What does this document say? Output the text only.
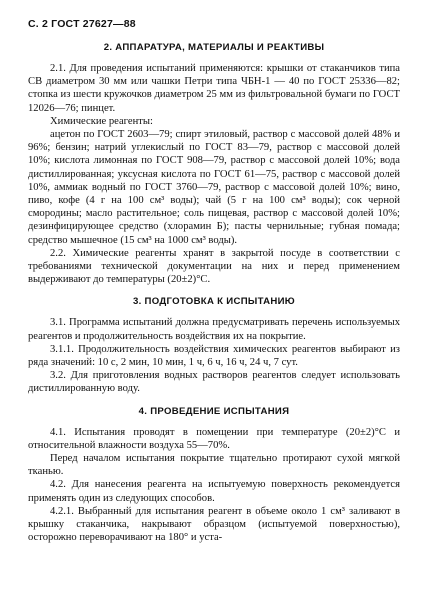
С. 2 ГОСТ 27627—88
2. АППАРАТУРА, МАТЕРИАЛЫ И РЕАКТИВЫ

2.1. Для проведения испытаний применяются: крышки от стаканчиков типа СВ диаметром 30 мм или чашки Петри типа ЧБН-1 — 40 по ГОСТ 25336—82; стопка из шести кружочков диаметром 25 мм из фильтровальной бумаги по ГОСТ 12026—76; пинцет.

Химические реагенты:

ацетон по ГОСТ 2603—79; спирт этиловый, раствор с массовой долей 48% и 96%; бензин; натрий углекислый по ГОСТ 83—79, раствор с массовой долей 10%; кислота лимонная по ГОСТ 908—79, раствор с массовой долей 10%; вода дистиллированная; уксусная кислота по ГОСТ 61—75, раствор с массовой долей 10%, аммиак водный по ГОСТ 3760—79, раствор с массовой долей 10%; вино, пиво, кофе (4 г на 100 см³ воды); чай (5 г на 100 см³ воды); сок черной смородины; масло растительное; соль пищевая, раствор с массовой долей 10%; дезинфицирующее средство (хлорамин Б); пасты чернильные; губная помада; средство мышечное (15 см³ на 1000 см³ воды).

2.2. Химические реагенты хранят в закрытой посуде в соответствии с требованиями технической документации на них и перед применением выдерживают до температуры (20±2)°С.

3. ПОДГОТОВКА К ИСПЫТАНИЮ

3.1. Программа испытаний должна предусматривать перечень используемых реагентов и продолжительность воздействия их на покрытие.

3.1.1. Продолжительность воздействия химических реагентов выбирают из ряда значений: 10 с, 2 мин, 10 мин, 1 ч, 6 ч, 16 ч, 24 ч, 7 сут.

3.2. Для приготовления водных растворов реагентов следует использовать дистиллированную воду.

4. ПРОВЕДЕНИЕ ИСПЫТАНИЯ

4.1. Испытания проводят в помещении при температуре (20±2)°С и относительной влажности воздуха 55—70%.

Перед началом испытания покрытие тщательно протирают сухой мягкой тканью.

4.2. Для нанесения реагента на испытуемую поверхность рекомендуется применять один из следующих способов.

4.2.1. Выбранный для испытания реагент в объеме около 1 см³ заливают в крышку стаканчика, накрывают образцом (испытуемой поверхностью), осторожно переворачивают на 180° и уста-
